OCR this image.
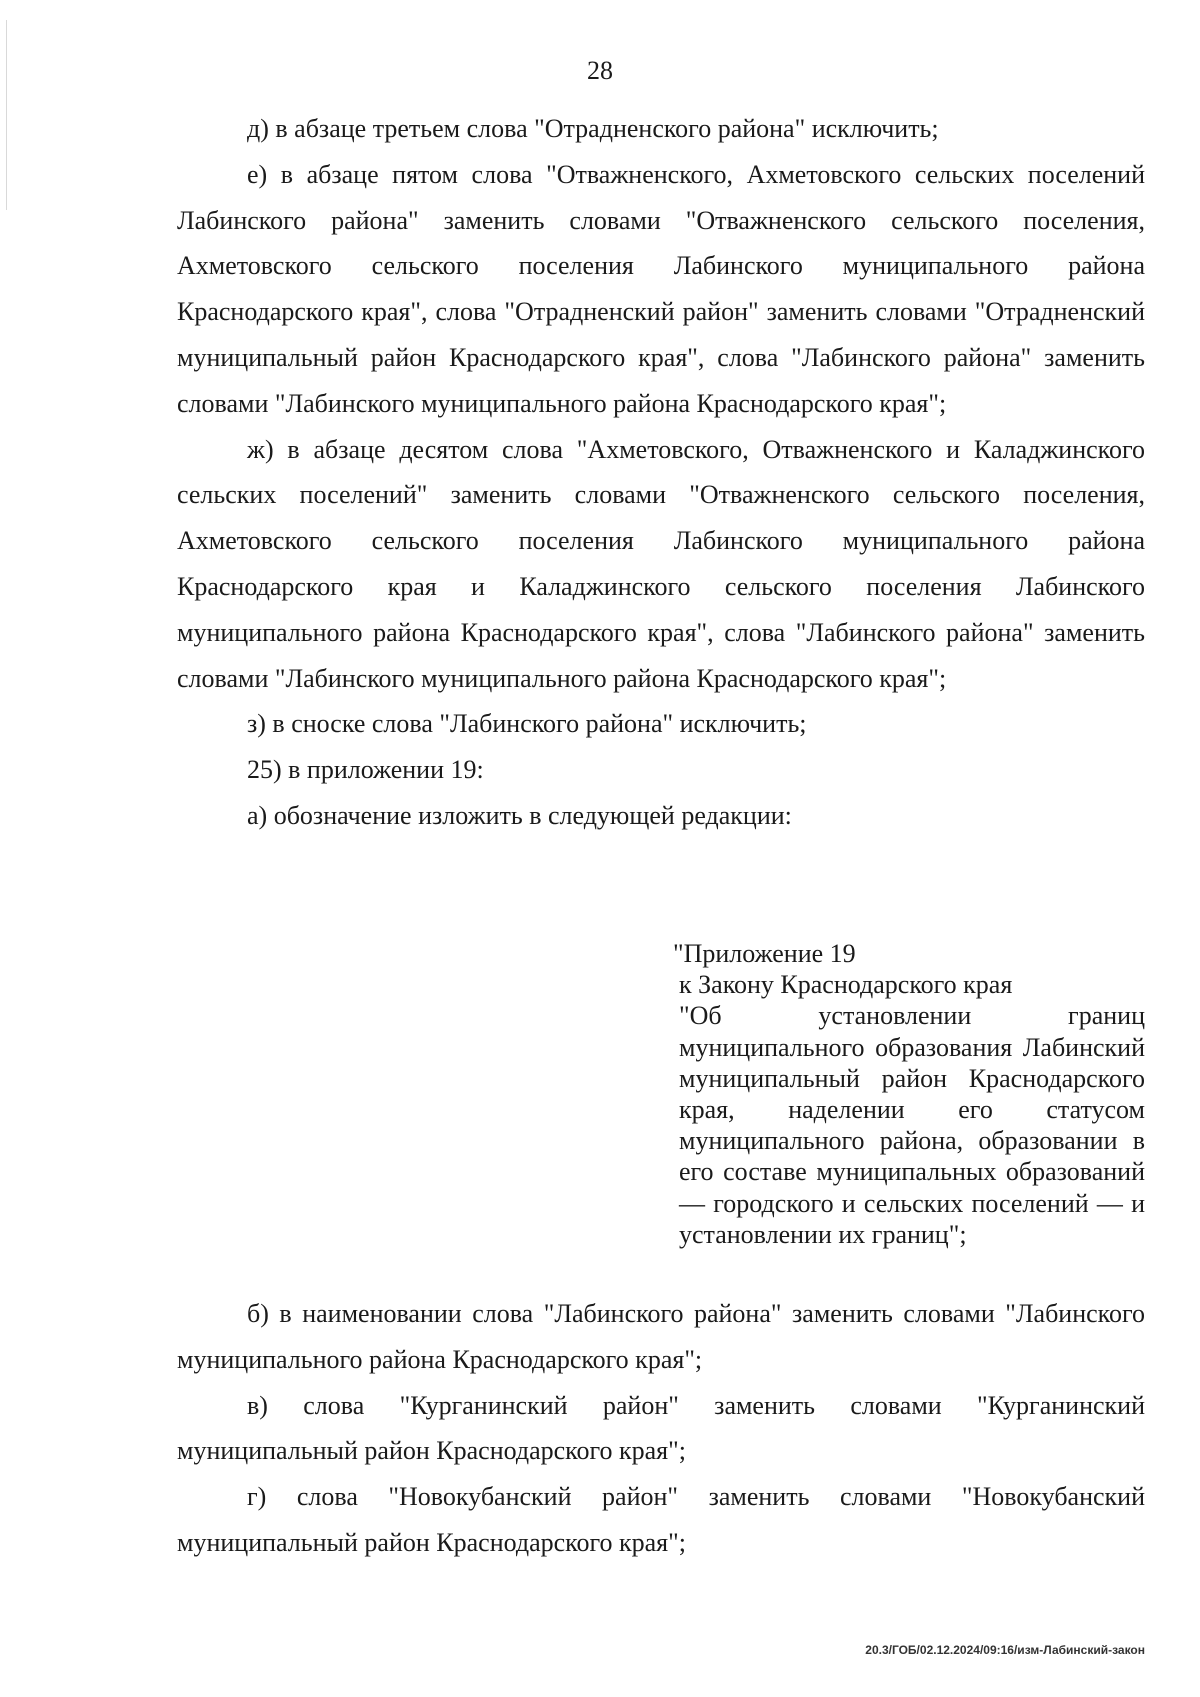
28

д) в абзаце третьем слова "Отрадненского района" исключить;

е) в абзаце пятом слова "Отважненского, Ахметовского сельских поселений Лабинского района" заменить словами "Отважненского сельского поселения, Ахметовского сельского поселения Лабинского муниципального района Краснодарского края", слова "Отрадненский район" заменить словами "Отрадненский муниципальный район Краснодарского края", слова "Лабинского района" заменить словами "Лабинского муниципального района Краснодарского края";

ж) в абзаце десятом слова "Ахметовского, Отважненского и Каладжинского сельских поселений" заменить словами "Отважненского сельского поселения, Ахметовского сельского поселения Лабинского муниципального района Краснодарского края и Каладжинского сельского поселения Лабинского муниципального района Краснодарского края", слова "Лабинского района" заменить словами "Лабинского муниципального района Краснодарского края";

з) в сноске слова "Лабинского района" исключить;

25) в приложении 19:

а) обозначение изложить в следующей редакции:

"Приложение 19

к Закону Краснодарского края

"Об установлении границ муниципального образования Лабинский муниципальный район Краснодарского края, наделении его статусом муниципального района, образовании в его составе муниципальных образований — городского и сельских поселений — и установлении их границ";

б) в наименовании слова "Лабинского района" заменить словами "Лабинского муниципального района Краснодарского края";

в) слова "Курганинский район" заменить словами "Курганинский муниципальный район Краснодарского края";

г) слова "Новокубанский район" заменить словами "Новокубанский муниципальный район Краснодарского края";

20.3/ГОБ/02.12.2024/09:16/изм-Лабинский-закон
